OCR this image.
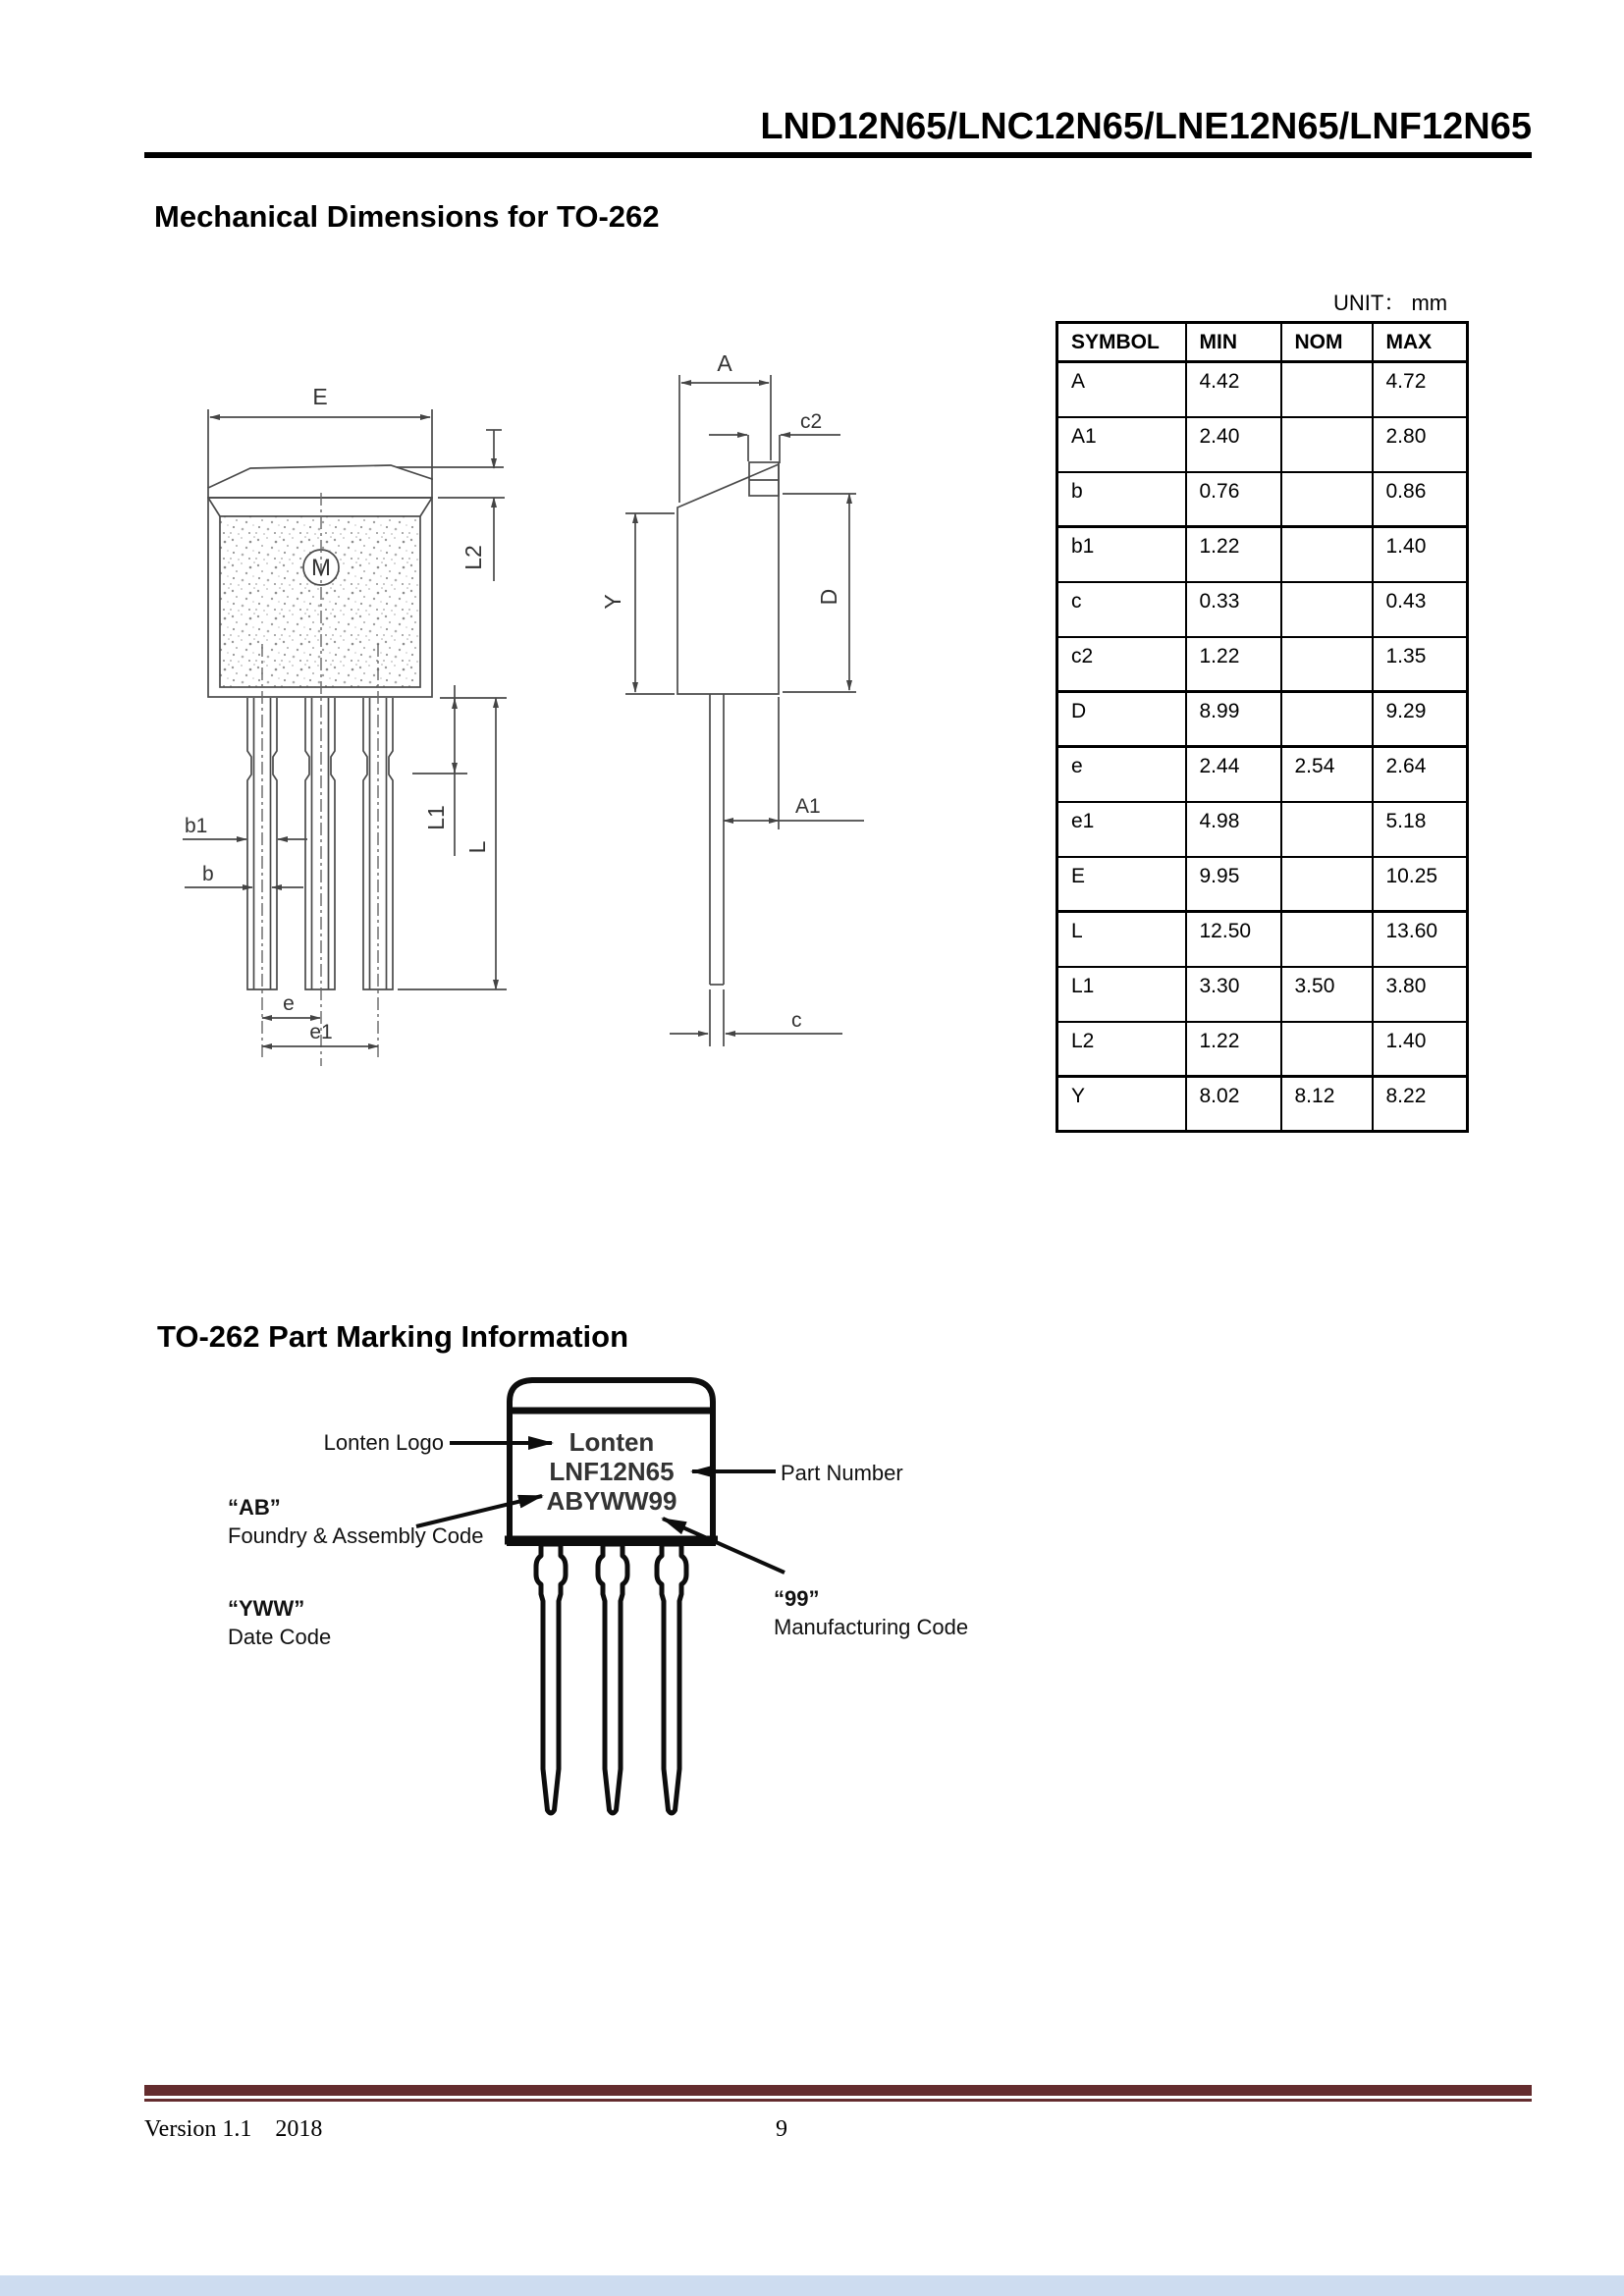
LND12N65/LNC12N65/LNE12N65/LNF12N65
Mechanical Dimensions for TO-262
UNIT： mm
SYMBOL	MIN	NOM	MAX
A	4.42		4.72
A1	2.40		2.80
b	0.76		0.86
b1	1.22		1.40
c	0.33		0.43
c2	1.22		1.35
D	8.99		9.29
e	2.44	2.54	2.64
e1	4.98		5.18
E	9.95		10.25
L	12.50		13.60
L1	3.30	3.50	3.80
L2	1.22		1.40
Y	8.02	8.12	8.22
E
M	L2
b1
b
e
e1
L1
L
A
c2
Y	D
A1
c
TO-262 Part Marking Information
Lonten
LNF12N65
ABYWW99
Lonten Logo
Part Number
“AB”
Foundry & Assembly Code
“99”
Manufacturing Code
“YWW”
Date Code
Version 1.1 2018	9
